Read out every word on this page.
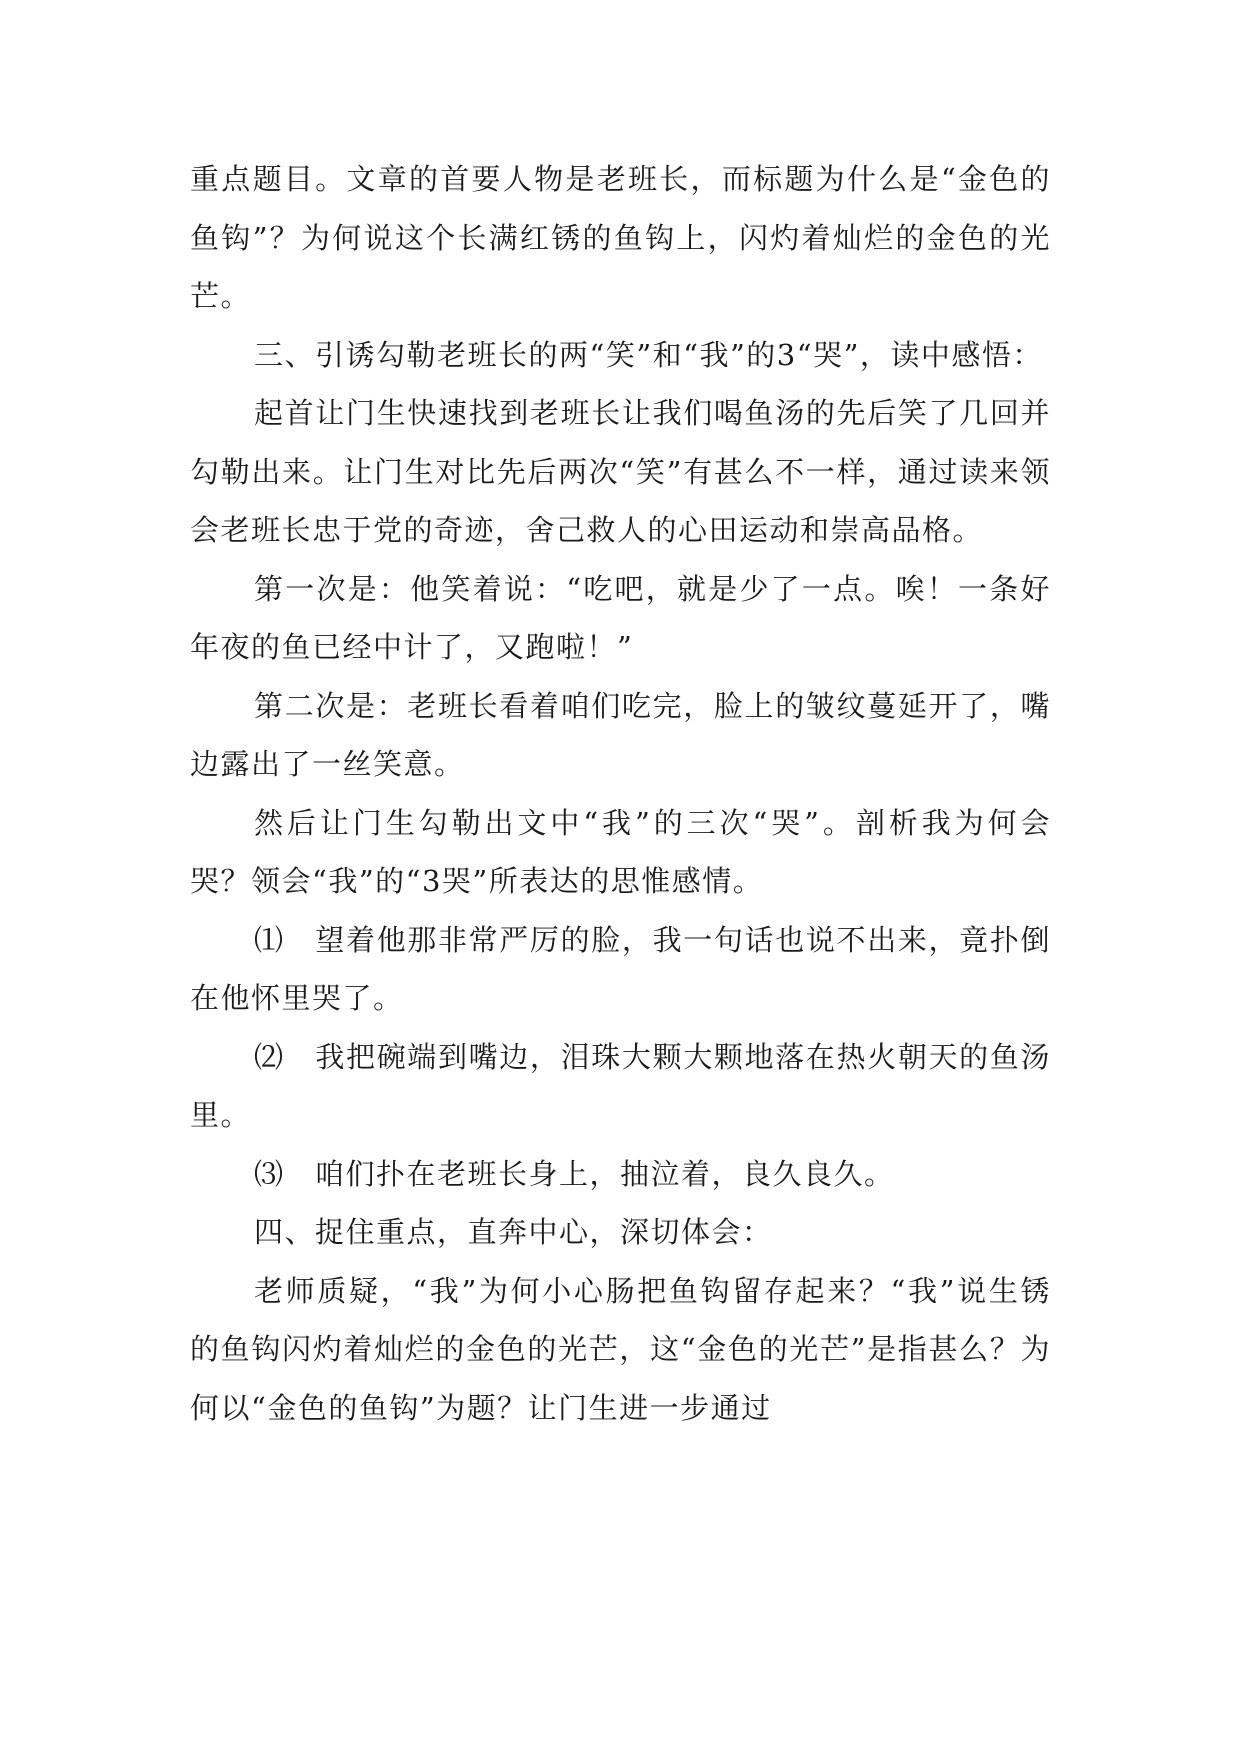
重点题目。文章的首要人物是老班长，而标题为什么是“金色的鱼钩”？为何说这个长满红锈的鱼钩上，闪灼着灿烂的金色的光芒。

三、引诱勾勒老班长的两“笑”和“我”的3“哭”，读中感悟：

起首让门生快速找到老班长让我们喝鱼汤的先后笑了几回并勾勒出来。让门生对比先后两次“笑”有甚么不一样，通过读来领会老班长忠于党的奇迹，舍己救人的心田运动和崇高品格。

第一次是：他笑着说：“吃吧，就是少了一点。唉！一条好年夜的鱼已经中计了，又跑啦！”

第二次是：老班长看着咱们吃完，脸上的皱纹蔓延开了，嘴边露出了一丝笑意。

然后让门生勾勒出文中“我”的三次“哭”。剖析我为何会哭？领会“我”的“3哭”所表达的思惟感情。

⑴　望着他那非常严厉的脸，我一句话也说不出来，竟扑倒在他怀里哭了。

⑵　我把碗端到嘴边，泪珠大颗大颗地落在热火朝天的鱼汤里。

⑶　咱们扑在老班长身上，抽泣着，良久良久。

四、捉住重点，直奔中心，深切体会：

老师质疑，“我”为何小心肠把鱼钩留存起来？“我”说生锈的鱼钩闪灼着灿烂的金色的光芒，这“金色的光芒”是指甚么？为何以“金色的鱼钩”为题？让门生进一步通过
